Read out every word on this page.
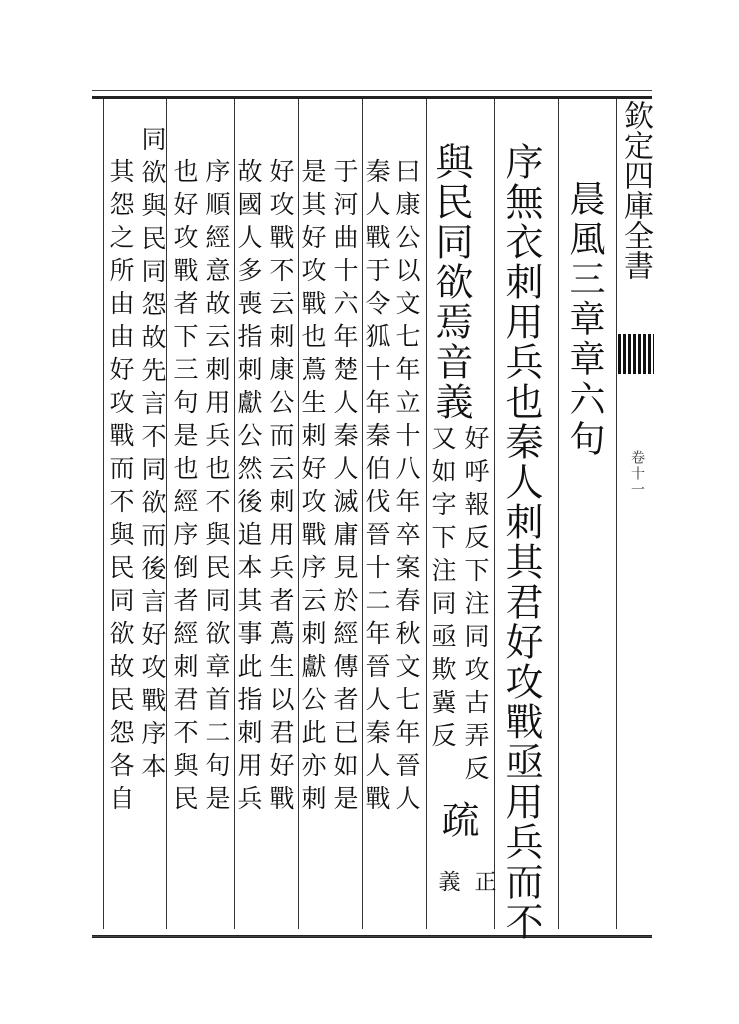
欽定四庫全書
卷十一
晨風三章章六句
序無衣刺用兵也秦人刺其君好攻戰亟用兵而不
與民同欲焉音義
好呼報反下注同攻古弄反
又如字下注同亟欺冀反
疏
正
義
曰康公以文七年立十八年卒案春秋文七年晉人
秦人戰于令狐十年秦伯伐晉十二年晉人秦人戰
于河曲十六年楚人秦人滅庸見於經傳者已如是
是其好攻戰也蔦生刺好攻戰序云刺獻公此亦刺
好攻戰不云刺康公而云刺用兵者蔦生以君好戰
故國人多喪指刺獻公然後追本其事此指刺用兵
序順經意故云刺用兵也不與民同欲章首二句是
也好攻戰者下三句是也經序倒者經刺君不與民
同欲與民同怨故先言不同欲而後言好攻戰序本
其怨之所由由好攻戰而不與民同欲故民怨各自
